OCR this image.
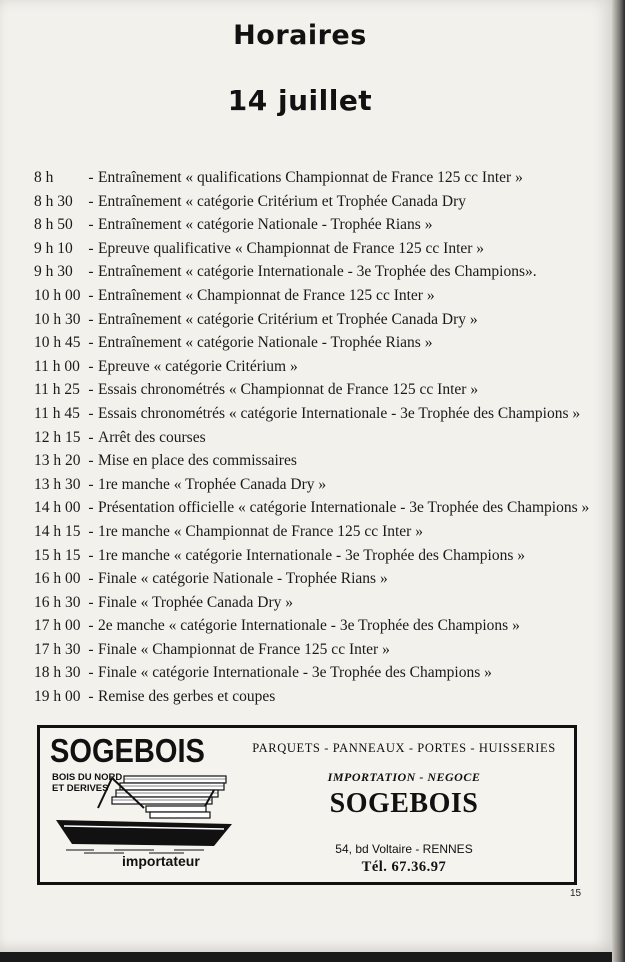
Horaires
14 juillet
8 h - Entraînement « qualifications Championnat de France 125 cc Inter »
8 h 30 - Entraînement « catégorie Critérium et Trophée Canada Dry
8 h 50 - Entraînement « catégorie Nationale - Trophée Rians »
9 h 10 - Epreuve qualificative « Championnat de France 125 cc Inter »
9 h 30 - Entraînement « catégorie Internationale - 3e Trophée des Champions».
10 h 00 - Entraînement « Championnat de France 125 cc Inter »
10 h 30 - Entraînement « catégorie Critérium et Trophée Canada Dry »
10 h 45 - Entraînement « catégorie Nationale - Trophée Rians »
11 h 00 - Epreuve « catégorie Critérium »
11 h 25 - Essais chronométrés « Championnat de France 125 cc Inter »
11 h 45 - Essais chronométrés « catégorie Internationale - 3e Trophée des Champions »
12 h 15 - Arrêt des courses
13 h 20 - Mise en place des commissaires
13 h 30 - 1re manche « Trophée Canada Dry »
14 h 00 - Présentation officielle « catégorie Internationale - 3e Trophée des Champions »
14 h 15 - 1re manche « Championnat de France 125 cc Inter »
15 h 15 - 1re manche « catégorie Internationale - 3e Trophée des Champions »
16 h 00 - Finale « catégorie Nationale - Trophée Rians »
16 h 30 - Finale « Trophée Canada Dry »
17 h 00 - 2e manche « catégorie Internationale - 3e Trophée des Champions »
17 h 30 - Finale « Championnat de France 125 cc Inter »
18 h 30 - Finale « catégorie Internationale - 3e Trophée des Champions »
19 h 00 - Remise des gerbes et coupes
SOGEBOIS
BOIS DU NORD
ET DERIVES
importateur
PARQUETS - PANNEAUX - PORTES - HUISSERIES
IMPORTATION - NEGOCE
SOGEBOIS
54, bd Voltaire - RENNES
Tél. 67.36.97
15
